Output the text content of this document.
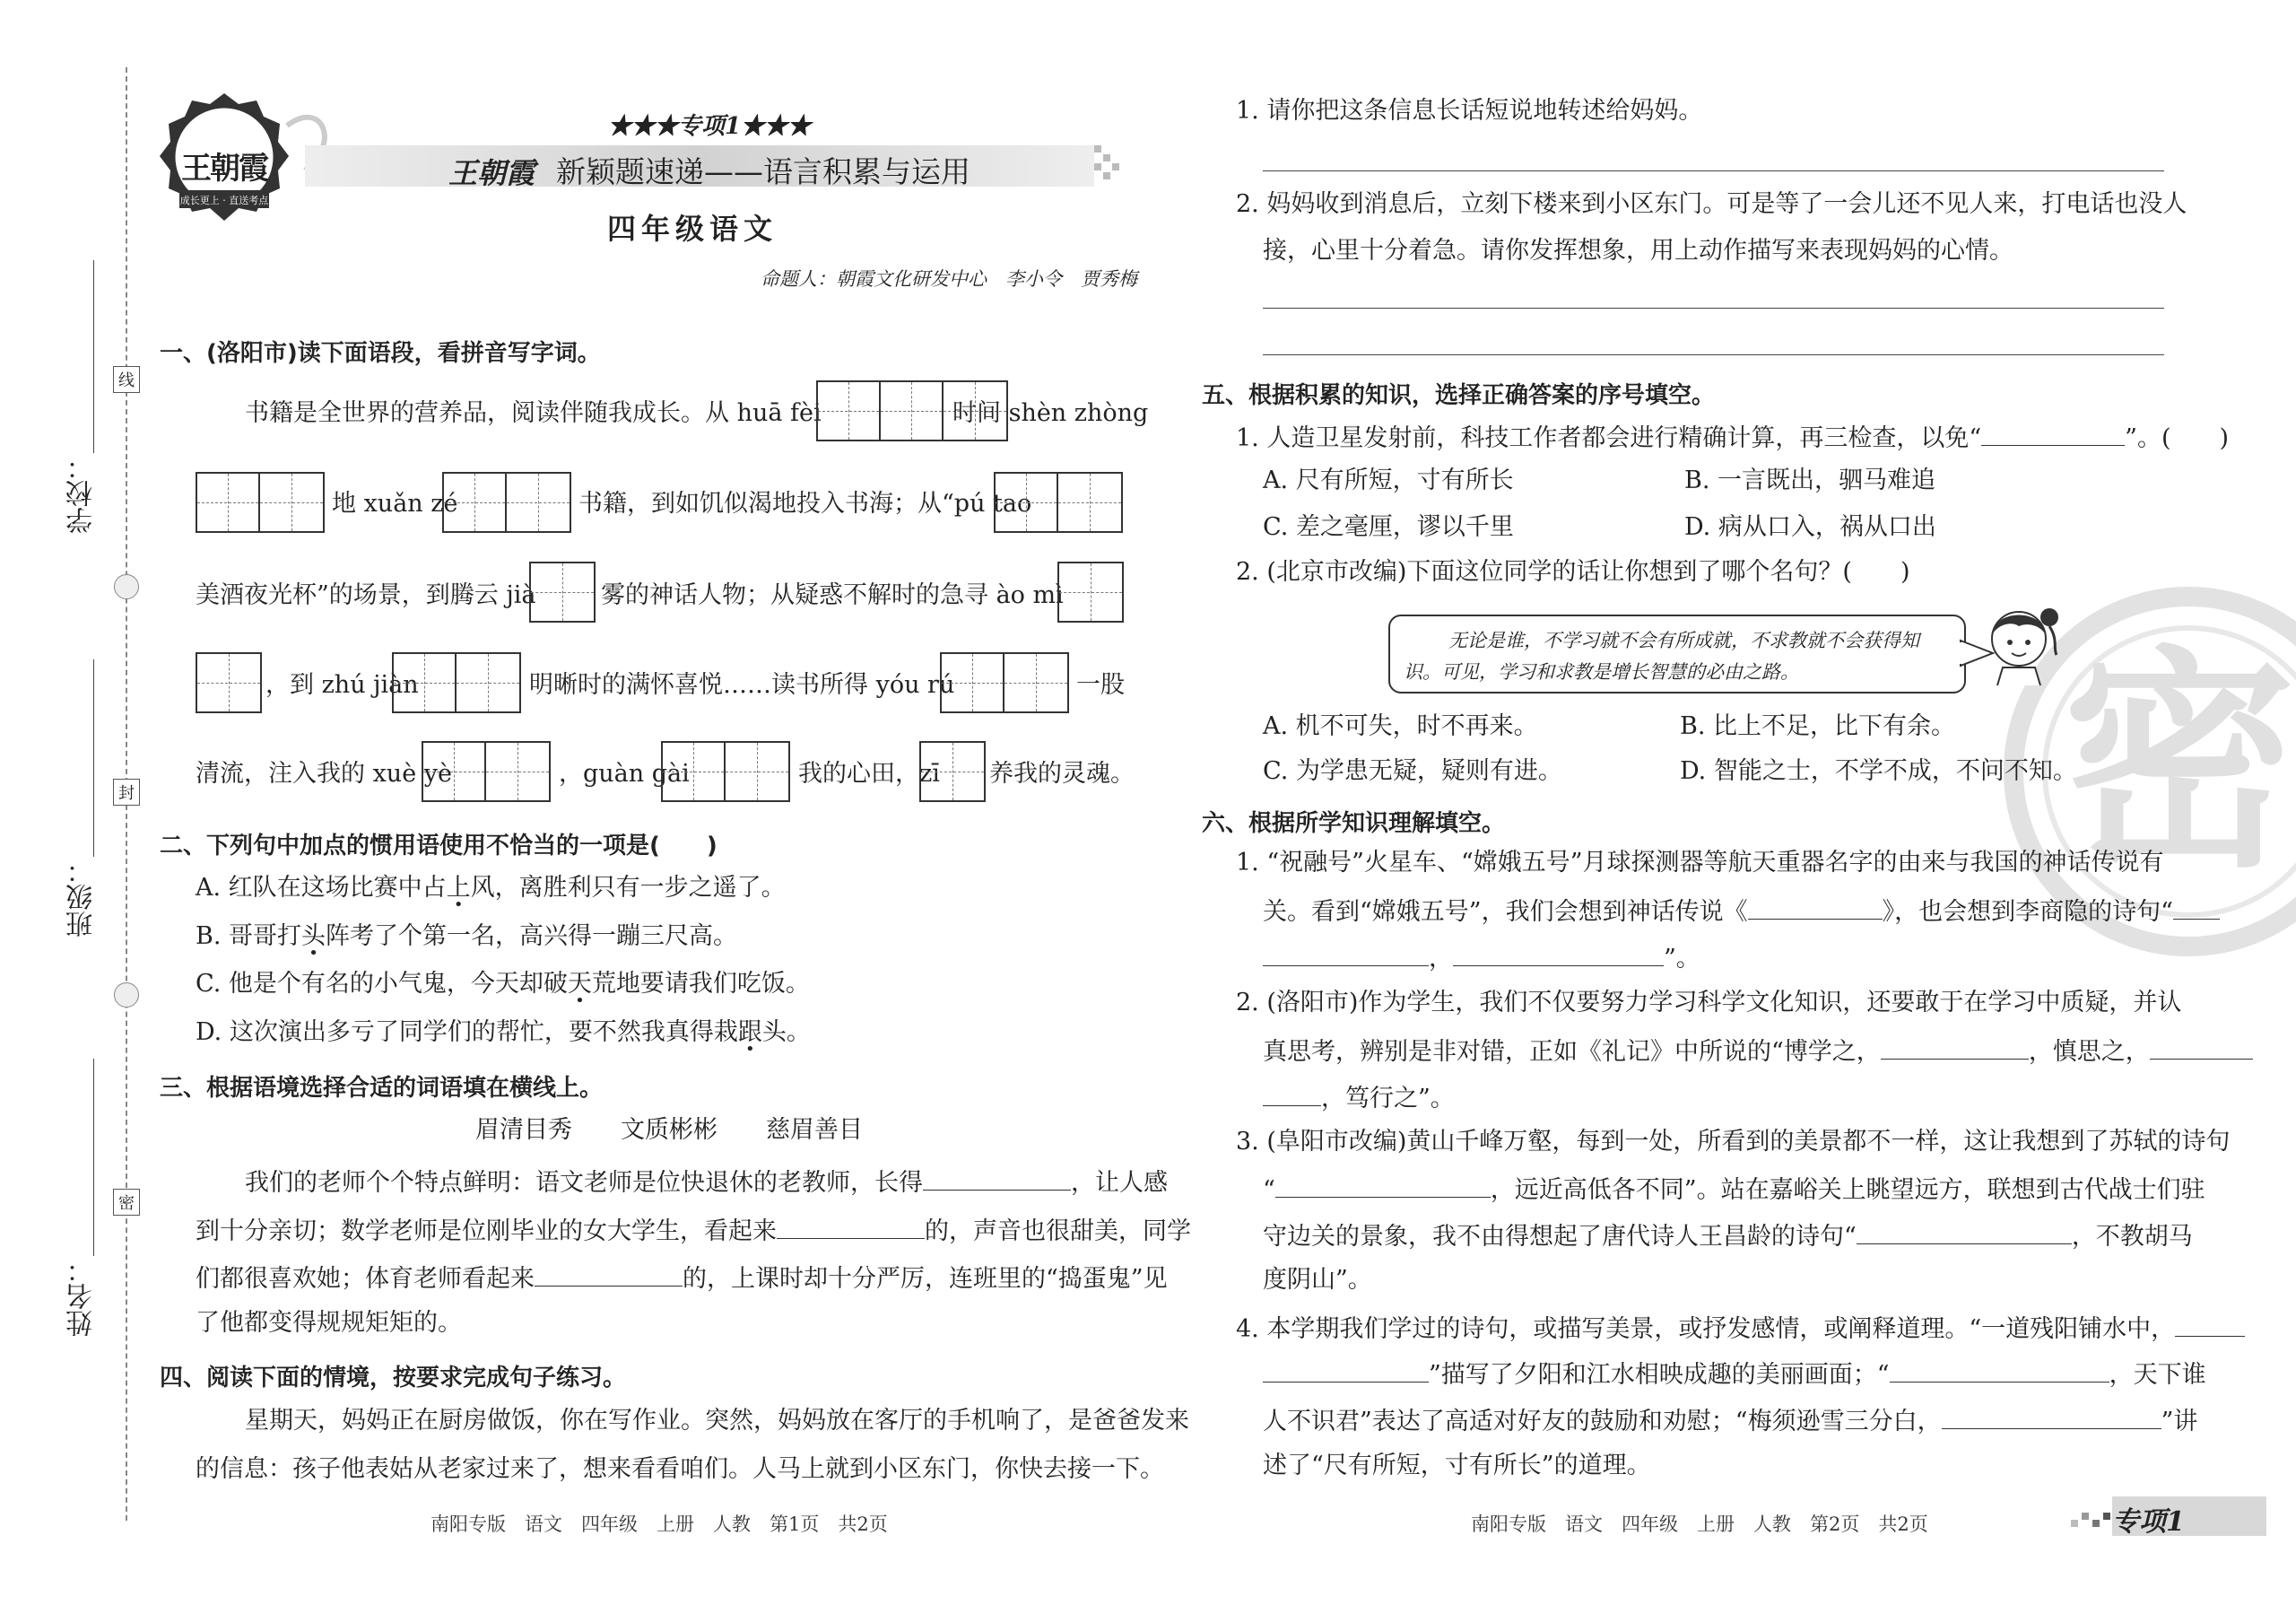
线
封
密
学校：
班级：
姓名：
王朝霞
成长更上 · 直送考点
★★★专项1★★★
王朝霞 新颖题速递——语言积累与运用
四年级语文
命题人：朝霞文化研发中心　李小令　贾秀梅
一、(洛阳市)读下面语段，看拼音写字词。
书籍是全世界的营养品，阅读伴随我成长。从 huā fèi	时间 shèn zhòng
地 xuǎn zé	书籍，到如饥似渴地投入书海；从“pú tao
美酒夜光杯”的场景，到腾云 jià	雾的神话人物；从疑惑不解时的急寻 ào mì
，到 zhú jiàn	明晰时的满怀喜悦……读书所得 yóu rú	一股
清流，注入我的 xuè yè	，guàn gài	我的心田，zī 养我的灵魂。
二、下列句中加点的惯用语使用不恰当的一项是(　　)
A. 红队在这场比赛中占上风，离胜利只有一步之遥了。
B. 哥哥打头阵考了个第一名，高兴得一蹦三尺高。
C. 他是个有名的小气鬼，今天却破天荒地要请我们吃饭。
D. 这次演出多亏了同学们的帮忙，要不然我真得栽跟头。
三、根据语境选择合适的词语填在横线上。
眉清目秀　　文质彬彬　　慈眉善目
我们的老师个个特点鲜明：语文老师是位快退休的老教师，长得	，让人感
到十分亲切；数学老师是位刚毕业的女大学生，看起来	的，声音也很甜美，同学
们都很喜欢她；体育老师看起来	的，上课时却十分严厉，连班里的“捣蛋鬼”见
了他都变得规规矩矩的。
四、阅读下面的情境，按要求完成句子练习。
星期天，妈妈正在厨房做饭，你在写作业。突然，妈妈放在客厅的手机响了，是爸爸发来
的信息：孩子他表姑从老家过来了，想来看看咱们。人马上就到小区东门，你快去接一下。
南阳专版　语文　四年级　上册　人教　第1页　共2页
密
1. 请你把这条信息长话短说地转述给妈妈。
2. 妈妈收到消息后，立刻下楼来到小区东门。可是等了一会儿还不见人来，打电话也没人
接，心里十分着急。请你发挥想象，用上动作描写来表现妈妈的心情。
五、根据积累的知识，选择正确答案的序号填空。
1. 人造卫星发射前，科技工作者都会进行精确计算，再三检查，以免“	”。(　　)
A. 尺有所短，寸有所长	B. 一言既出，驷马难追
C. 差之毫厘，谬以千里	D. 病从口入，祸从口出
2. (北京市改编)下面这位同学的话让你想到了哪个名句？(　　)
无论是谁，不学习就不会有所成就，不求教就不会获得知
识。可见，学习和求教是增长智慧的必由之路。
A. 机不可失，时不再来。	B. 比上不足，比下有余。
C. 为学患无疑，疑则有进。	D. 智能之士，不学不成，不问不知。
六、根据所学知识理解填空。
1. “祝融号”火星车、“嫦娥五号”月球探测器等航天重器名字的由来与我国的神话传说有
关。看到“嫦娥五号”，我们会想到神话传说《	》，也会想到李商隐的诗句“
，	”。
2. (洛阳市)作为学生，我们不仅要努力学习科学文化知识，还要敢于在学习中质疑，并认
真思考，辨别是非对错，正如《礼记》中所说的“博学之，	，慎思之，
，笃行之”。
3. (阜阳市改编)黄山千峰万壑，每到一处，所看到的美景都不一样，这让我想到了苏轼的诗句
“	，远近高低各不同”。站在嘉峪关上眺望远方，联想到古代战士们驻
守边关的景象，我不由得想起了唐代诗人王昌龄的诗句“	，不教胡马
度阴山”。
4. 本学期我们学过的诗句，或描写美景，或抒发感情，或阐释道理。“一道残阳铺水中，
”描写了夕阳和江水相映成趣的美丽画面；“	，天下谁
人不识君”表达了高适对好友的鼓励和劝慰；“梅须逊雪三分白，	”讲
述了“尺有所短，寸有所长”的道理。
南阳专版　语文　四年级　上册　人教　第2页　共2页	专项1
